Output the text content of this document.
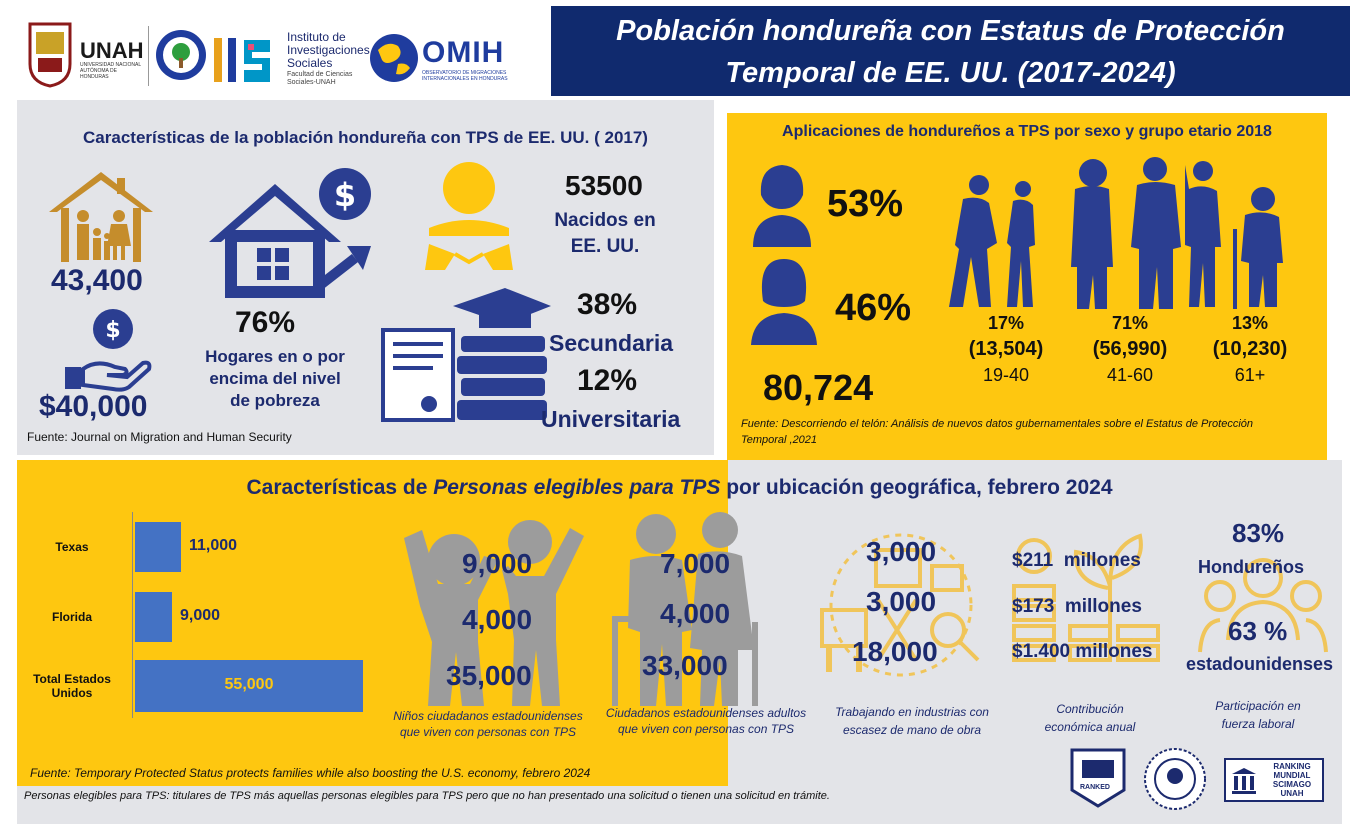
UNAH
UNIVERSIDAD NACIONAL AUTÓNOMA DE HONDURAS
Instituto de Investigaciones Sociales
Facultad de Ciencias Sociales-UNAH
OMIH
OBSERVATORIO DE MIGRACIONES INTERNACIONALES EN HONDURAS
Población hondureña con Estatus de Protección
Temporal de EE. UU. (2017-2024)
Características de la población hondureña con TPS de EE. UU. ( 2017)
43,400
$
$40,000
$
76%
Hogares en o por
encima del nivel
de pobreza
53500
Nacidos en
EE. UU.
38%
Secundaria
12%
Universitaria
Fuente: Journal on Migration and Human Security
Aplicaciones de hondureños a TPS por sexo y grupo etario 2018
53%
46%
80,724
17%
(13,504)
19-40
71%
(56,990)
41-60
13%
(10,230)
61+
Fuente: Descorriendo el telón: Análisis de nuevos datos gubernamentales sobre el Estatus de Protección
Temporal ,2021
Características de Personas elegibles para TPS por ubicación geográfica, febrero 2024
Texas	11,000
Florida	9,000
Total Estados Unidos	55,000
9,000
4,000
35,000
Niños ciudadanos estadounidenses
que viven con personas con TPS
7,000
4,000
33,000
Ciudadanos estadounidenses adultos
que viven con personas con TPS
3,000
3,000
18,000
Trabajando en industrias con
escasez de mano de obra
$211  millones
$173  millones
$1.400 millones
Contribución
económica anual
83%
Hondureños
63 %
estadounidenses
Participación en
fuerza laboral
Fuente: Temporary Protected Status protects families while also boosting the U.S. economy, febrero 2024
Personas elegibles para TPS: titulares de TPS más aquellas personas elegibles para TPS pero que no han presentado una solicitud o tienen una solicitud en trámite.
RANKED
RANKING
MUNDIAL
SCIMAGO
UNAH
